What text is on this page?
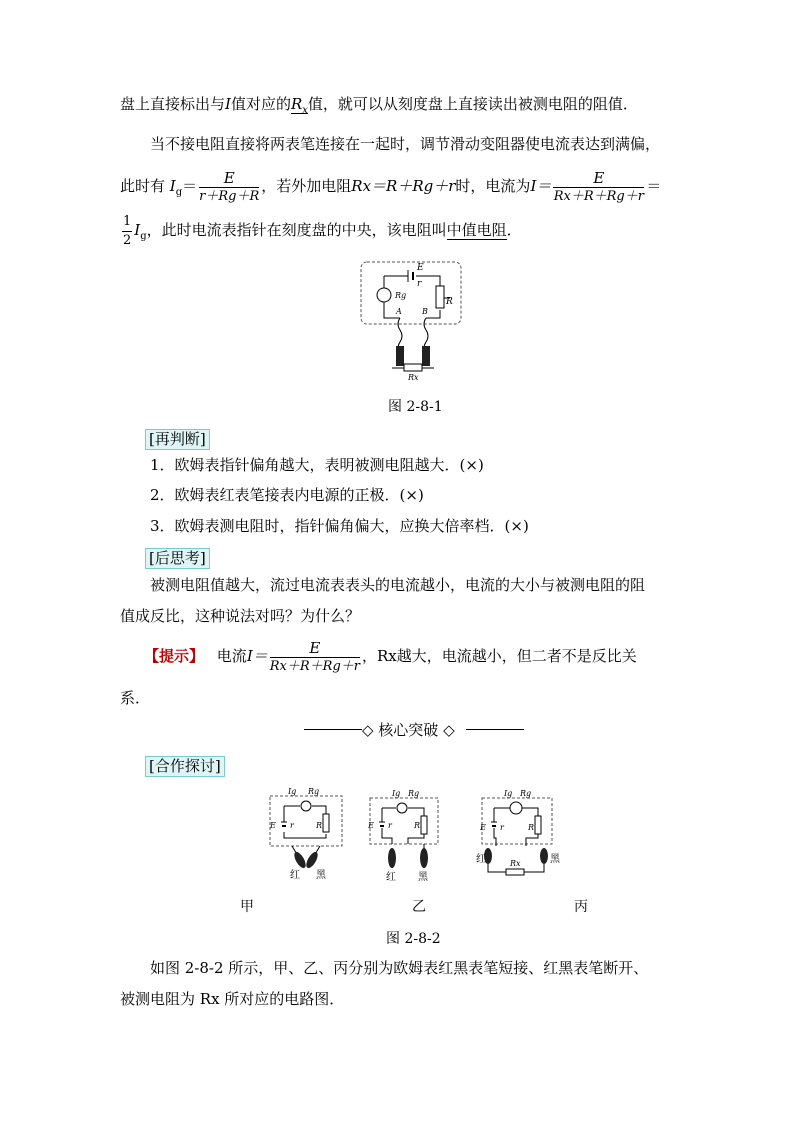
盘上直接标出与I值对应的$R_x$值，就可以从刻度盘上直接读出被测电阻的阻值．
当不接电阻直接将两表笔连接在一起时，调节滑动变阻器使电流表达到满偏，
此时有 $I_g= \frac{E}{r+Rg+R}$ ，若外加电阻Rx＝R＋Rg＋r时，电流为$I= \frac{E}{Rx+R+Rg+r}$ ＝
$\frac{1}{2} I_g$，此时电流表指针在刻度盘的中央，该电阻叫中值电阻．
E
r
R
Rg
A	B
Rx
图 2-8-1
[再判断]
1．欧姆表指针偏角越大，表明被测电阻越大．(×)
2．欧姆表红表笔接表内电源的正极．(×)
3．欧姆表测电阻时，指针偏角偏大，应换大倍率档．(×)
[后思考]
被测电阻值越大，流过电流表表头的电流越小，电流的大小与被测电阻的阻
值成反比，这种说法对吗？为什么？
【提示】 电流$I= \frac{E}{Rx+R+Rg+r}$ ，Rx越大，电流越小，但二者不是反比关
系．
◇ 核心突破 ◇
[合作探讨]
Ig Rg
E r	R
红 黑
Ig Rg
E r	R
红 黑
Ig Rg
E r	R
Rx
红	黑
甲	乙	丙
图 2-8-2
如图 2-8-2 所示，甲、乙、丙分别为欧姆表红黑表笔短接、红黑表笔断开、
被测电阻为 Rx 所对应的电路图．
